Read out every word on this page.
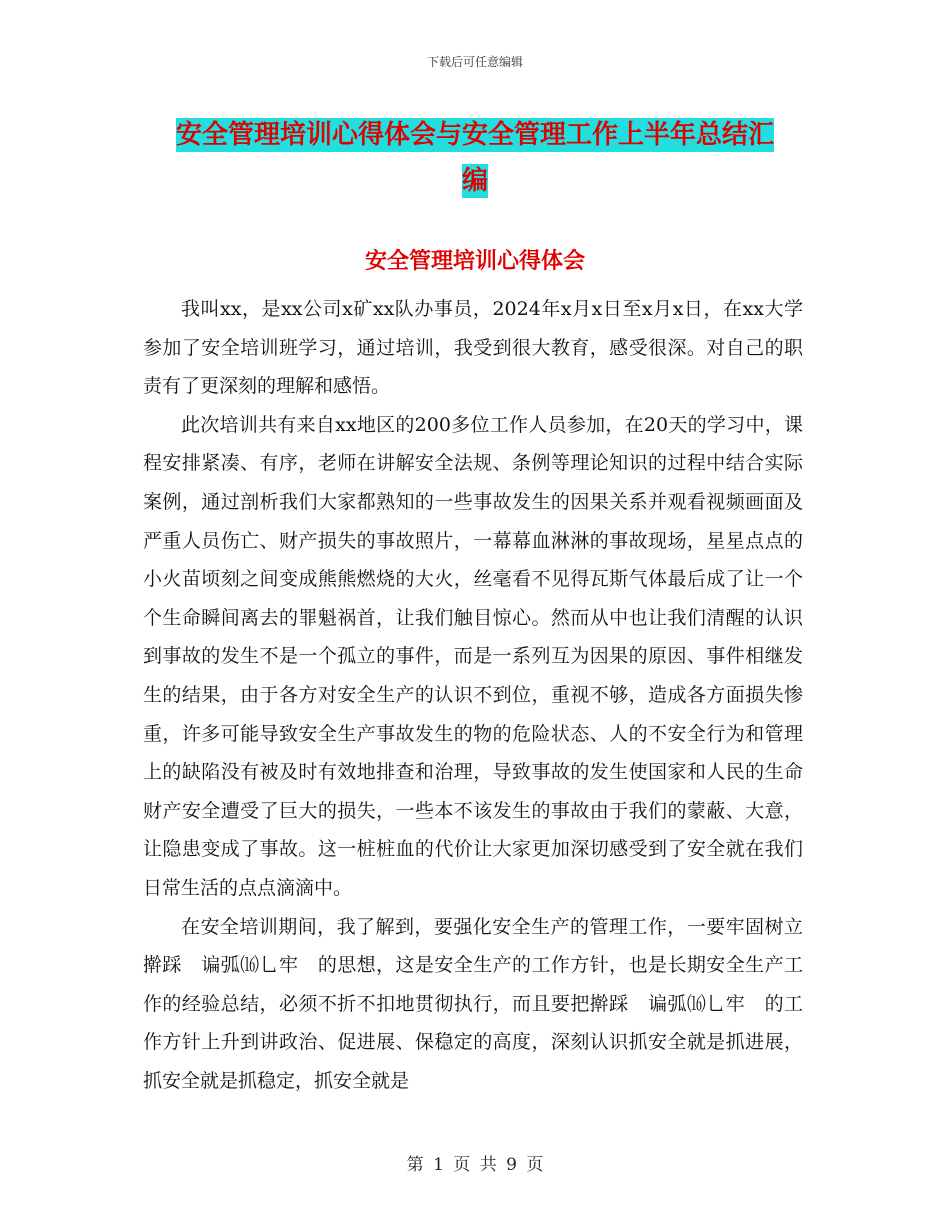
下载后可任意编辑
安全管理培训心得体会与安全管理工作上半年总结汇
编
安全管理培训心得体会

我叫xx，是xx公司x矿xx队办事员，2024年x月x日至x月x日，在xx大学参加了安全培训班学习，通过培训，我受到很大教育，感受很深。对自己的职责有了更深刻的理解和感悟。

此次培训共有来自xx地区的200多位工作人员参加，在20天的学习中，课程安排紧凑、有序，老师在讲解安全法规、条例等理论知识的过程中结合实际案例，通过剖析我们大家都熟知的一些事故发生的因果关系并观看视频画面及严重人员伤亡、财产损失的事故照片，一幕幕血淋淋的事故现场，星星点点的小火苗顷刻之间变成熊熊燃烧的大火，丝毫看不见得瓦斯气体最后成了让一个个生命瞬间离去的罪魁祸首，让我们触目惊心。然而从中也让我们清醒的认识到事故的发生不是一个孤立的事件，而是一系列互为因果的原因、事件相继发生的结果，由于各方对安全生产的认识不到位，重视不够，造成各方面损失惨重，许多可能导致安全生产事故发生的物的危险状态、人的不安全行为和管理上的缺陷没有被及时有效地排查和治理，导致事故的发生使国家和人民的生命财产安全遭受了巨大的损失，一些本不该发生的事故由于我们的蒙蔽、大意，让隐患变成了事故。这一桩桩血的代价让大家更加深切感受到了安全就在我们日常生活的点点滴滴中。

在安全培训期间，我了解到，要强化安全生产的管理工作，一要牢固树立擀踩　谝弧⒃乚牢　的思想，这是安全生产的工作方针，也是长期安全生产工作的经验总结，必须不折不扣地贯彻执行，而且要把擀踩　谝弧⒃乚牢　的工作方针上升到讲政治、促进展、保稳定的高度，深刻认识抓安全就是抓进展，抓安全就是抓稳定，抓安全就是

第 1 页 共 9 页
